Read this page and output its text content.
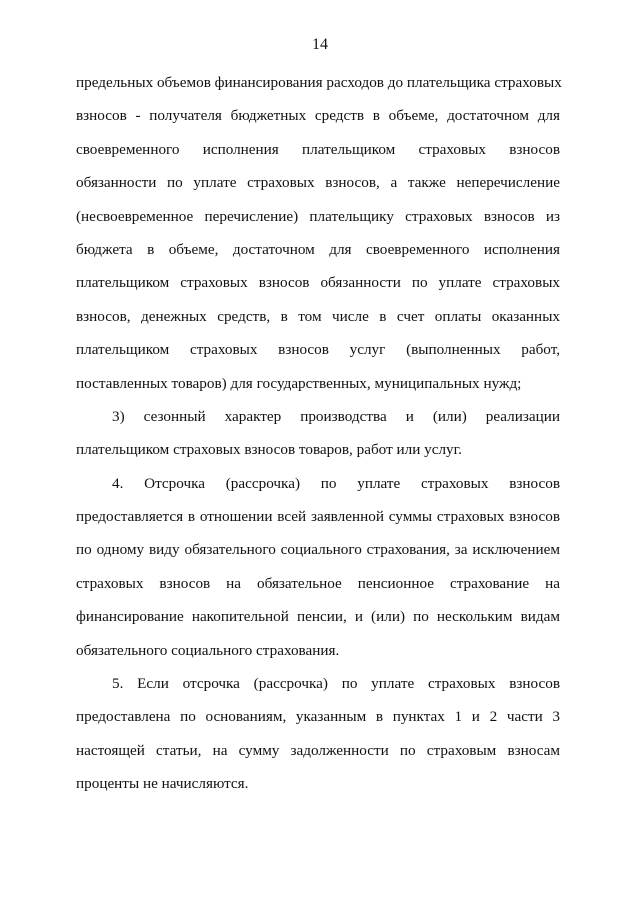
14
предельных объемов финансирования расходов до плательщика страховых
взносов - получателя бюджетных средств в объеме, достаточном для
своевременного исполнения плательщиком страховых взносов
обязанности по уплате страховых взносов, а также неперечисление
(несвоевременное перечисление) плательщику страховых взносов из
бюджета в объеме, достаточном для своевременного исполнения
плательщиком страховых взносов обязанности по уплате страховых
взносов, денежных средств, в том числе в счет оплаты оказанных
плательщиком страховых взносов услуг (выполненных работ,
поставленных товаров) для государственных, муниципальных нужд;
3) сезонный характер производства и (или) реализации
плательщиком страховых взносов товаров, работ или услуг.
4. Отсрочка (рассрочка) по уплате страховых взносов
предоставляется в отношении всей заявленной суммы страховых взносов
по одному виду обязательного социального страхования, за исключением
страховых взносов на обязательное пенсионное страхование на
финансирование накопительной пенсии, и (или) по нескольким видам
обязательного социального страхования.
5. Если отсрочка (рассрочка) по уплате страховых взносов
предоставлена по основаниям, указанным в пунктах 1 и 2 части 3
настоящей статьи, на сумму задолженности по страховым взносам
проценты не начисляются.
